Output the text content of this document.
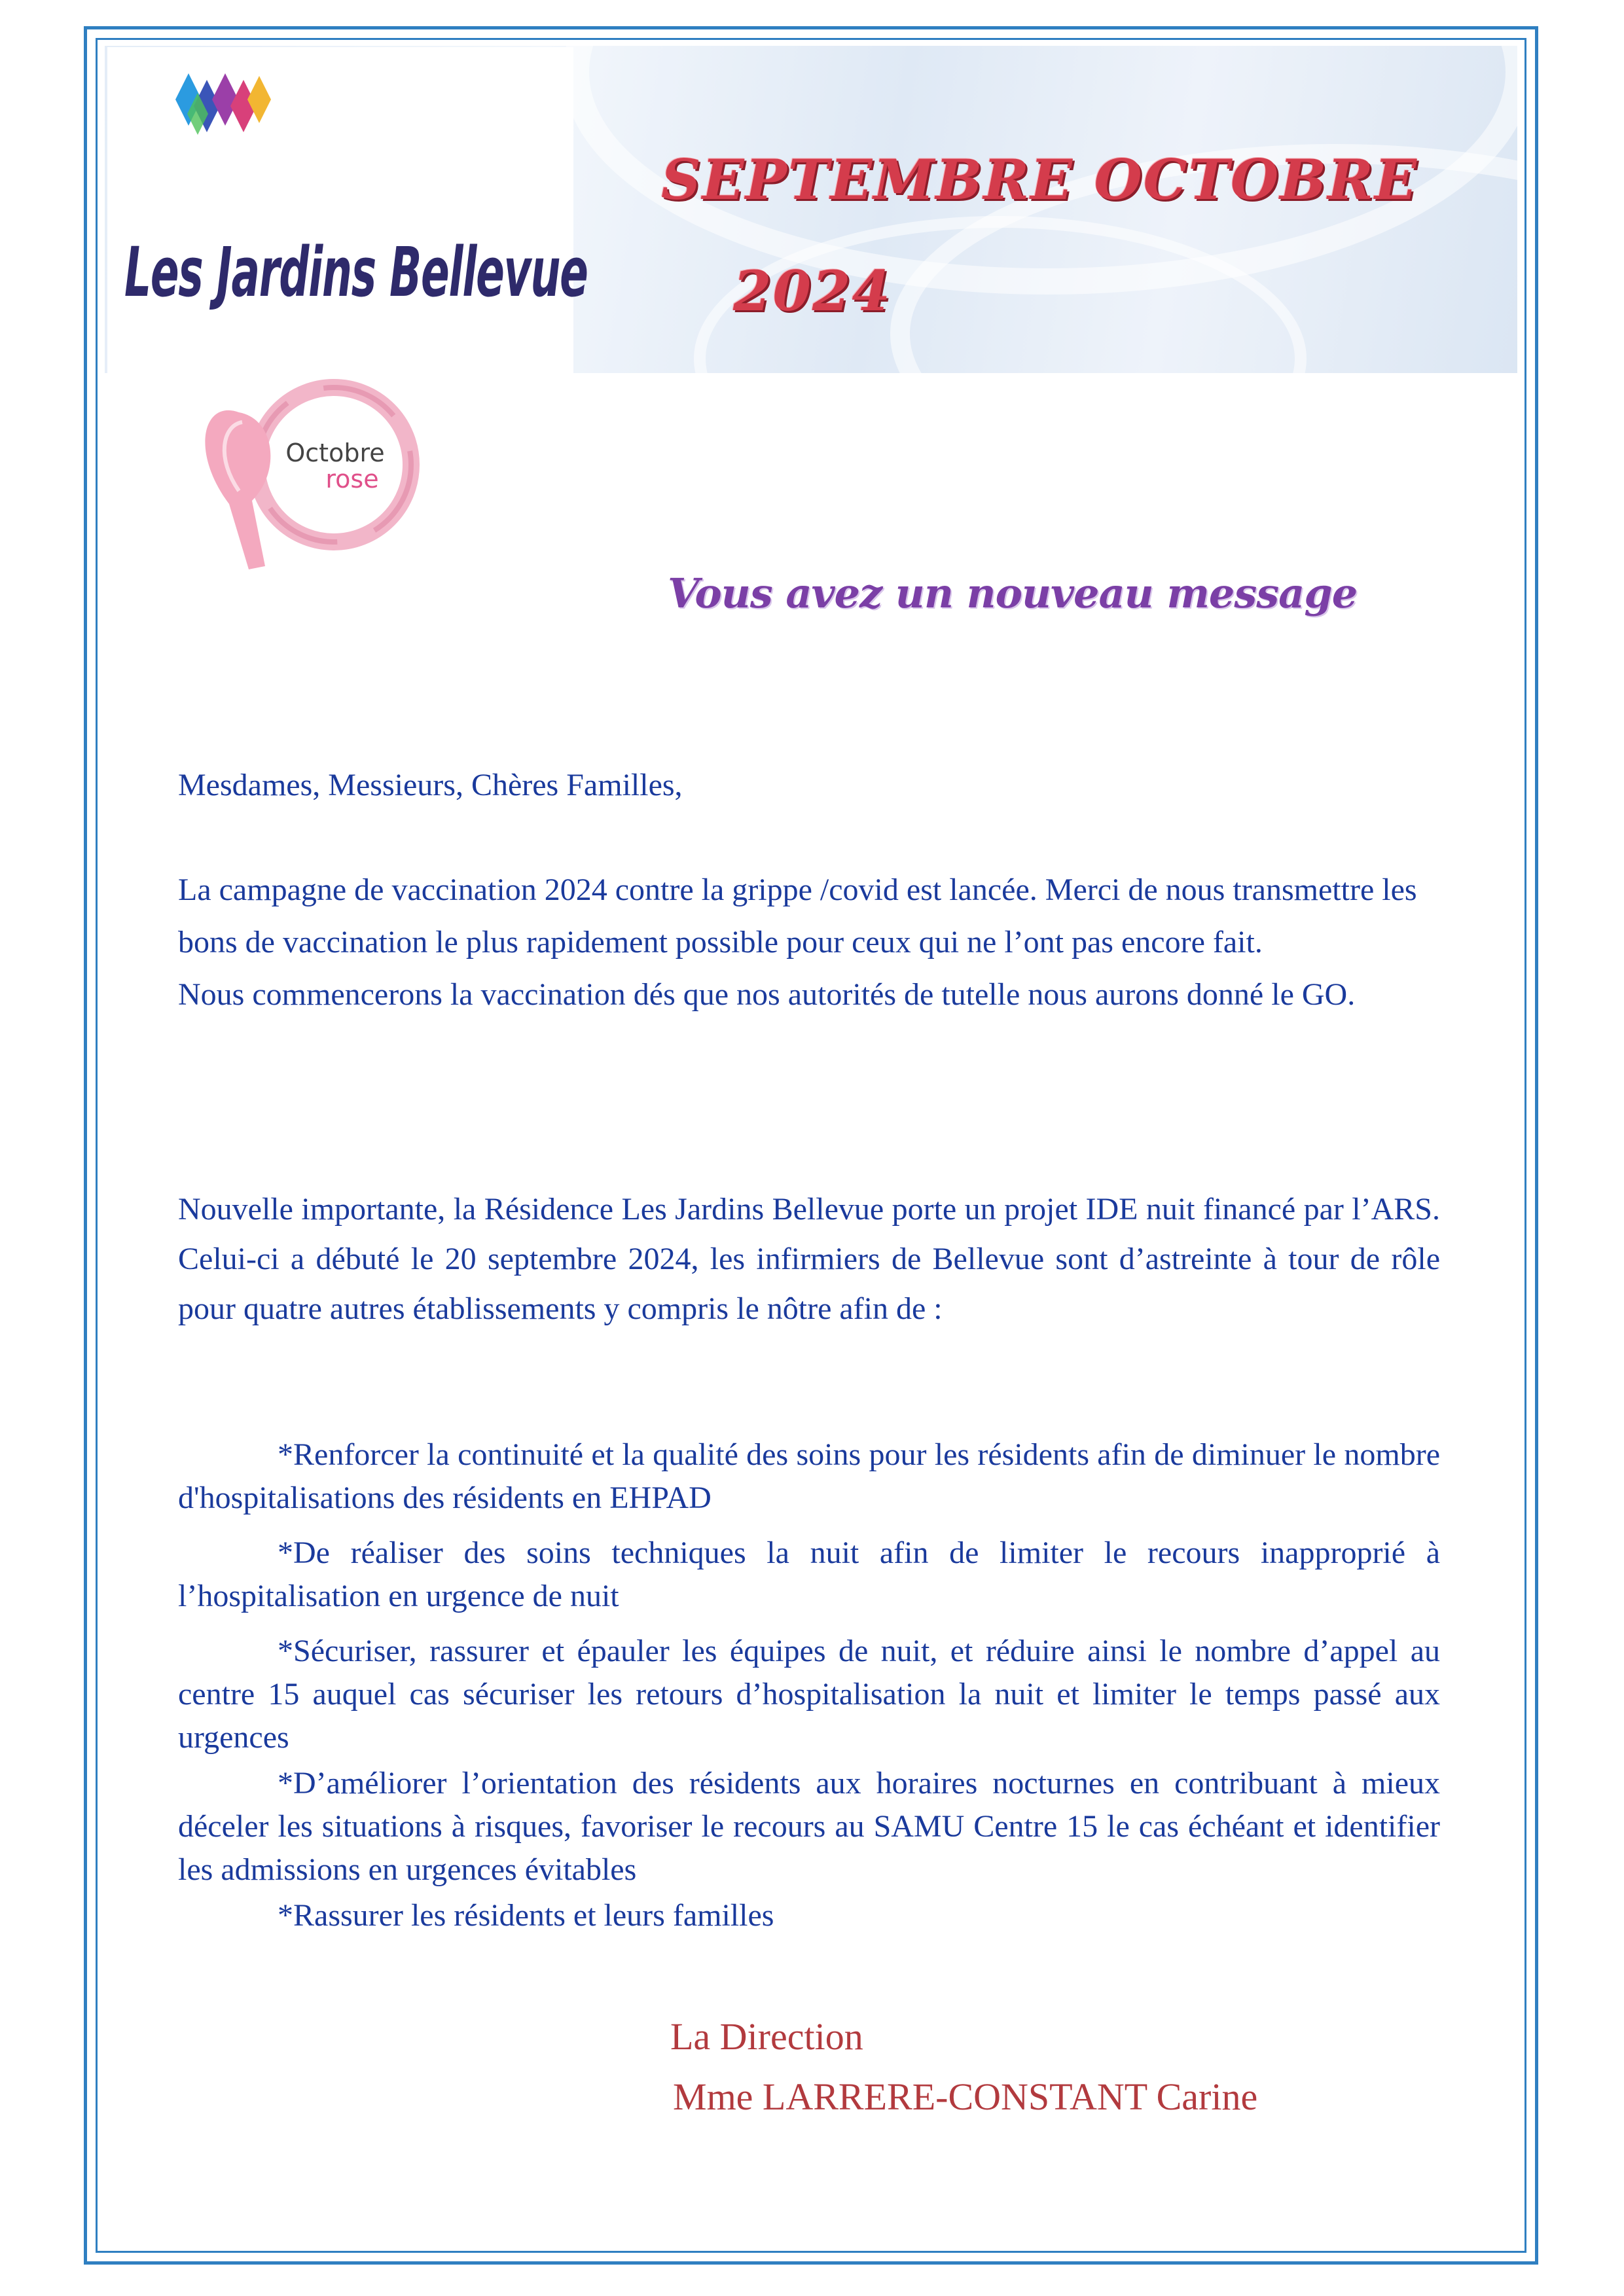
Les Jardins Bellevue
SEPTEMBRE OCTOBRE
2024
Octobre
rose
Vous avez un nouveau message
Mesdames, Messieurs, Chères Familles,

La campagne de vaccination 2024 contre la grippe /covid est lancée. Merci de nous transmettre les bons de vaccination le plus rapidement possible pour ceux qui ne l’ont pas encore fait.

Nous commencerons la vaccination dés que nos autorités de tutelle nous aurons donné le GO.

Nouvelle importante, la Résidence Les Jardins Bellevue porte un projet IDE nuit financé par l’ARS. Celui-ci a débuté le 20 septembre 2024, les infirmiers de Bellevue sont d’astreinte à tour de rôle pour quatre autres établissements y compris le nôtre afin de :

*Renforcer la continuité et la qualité des soins pour les résidents afin de diminuer le nombre d'hospitalisations des résidents en EHPAD

*De réaliser des soins techniques la nuit afin de limiter le recours inapproprié à l’hospitalisation en urgence de nuit

*Sécuriser, rassurer et épauler les équipes de nuit, et réduire ainsi le nombre d’appel au centre 15 auquel cas sécuriser les retours d’hospitalisation la nuit et limiter le temps passé aux urgences

*D’améliorer l’orientation des résidents aux horaires nocturnes en contribuant à mieux déceler les situations à risques, favoriser le recours au SAMU Centre 15 le cas échéant et identifier les admissions en urgences évitables

*Rassurer les résidents et leurs familles

La Direction
Mme LARRERE-CONSTANT Carine
